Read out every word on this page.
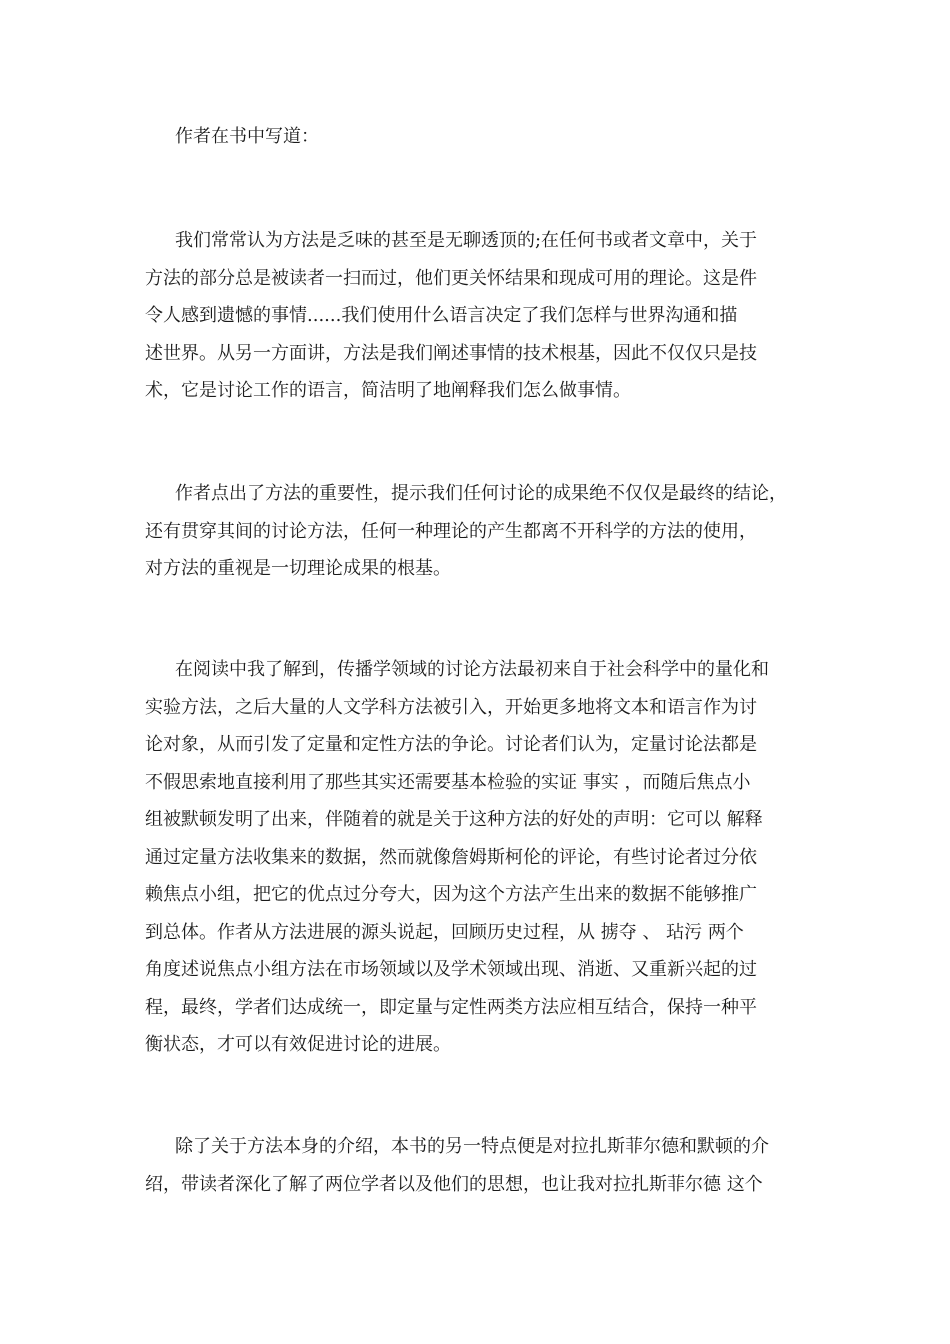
作者在书中写道：
我们常常认为方法是乏味的甚至是无聊透顶的;在任何书或者文章中，关于
方法的部分总是被读者一扫而过，他们更关怀结果和现成可用的理论。这是件
令人感到遗憾的事情......我们使用什么语言决定了我们怎样与世界沟通和描
述世界。从另一方面讲，方法是我们阐述事情的技术根基，因此不仅仅只是技
术，它是讨论工作的语言，简洁明了地阐释我们怎么做事情。
作者点出了方法的重要性，提示我们任何讨论的成果绝不仅仅是最终的结论，
还有贯穿其间的讨论方法，任何一种理论的产生都离不开科学的方法的使用，
对方法的重视是一切理论成果的根基。
在阅读中我了解到，传播学领域的讨论方法最初来自于社会科学中的量化和
实验方法，之后大量的人文学科方法被引入，开始更多地将文本和语言作为讨
论对象，从而引发了定量和定性方法的争论。讨论者们认为，定量讨论法都是
不假思索地直接利用了那些其实还需要基本检验的实证 事实 ，而随后焦点小
组被默顿发明了出来，伴随着的就是关于这种方法的好处的声明：它可以 解释
通过定量方法收集来的数据，然而就像詹姆斯柯伦的评论，有些讨论者过分依
赖焦点小组，把它的优点过分夸大，因为这个方法产生出来的数据不能够推广
到总体。作者从方法进展的源头说起，回顾历史过程，从 掳夺 、 玷污 两个
角度述说焦点小组方法在市场领域以及学术领域出现、消逝、又重新兴起的过
程，最终，学者们达成统一，即定量与定性两类方法应相互结合，保持一种平
衡状态，才可以有效促进讨论的进展。
除了关于方法本身的介绍，本书的另一特点便是对拉扎斯菲尔德和默顿的介
绍，带读者深化了解了两位学者以及他们的思想，也让我对拉扎斯菲尔德 这个
